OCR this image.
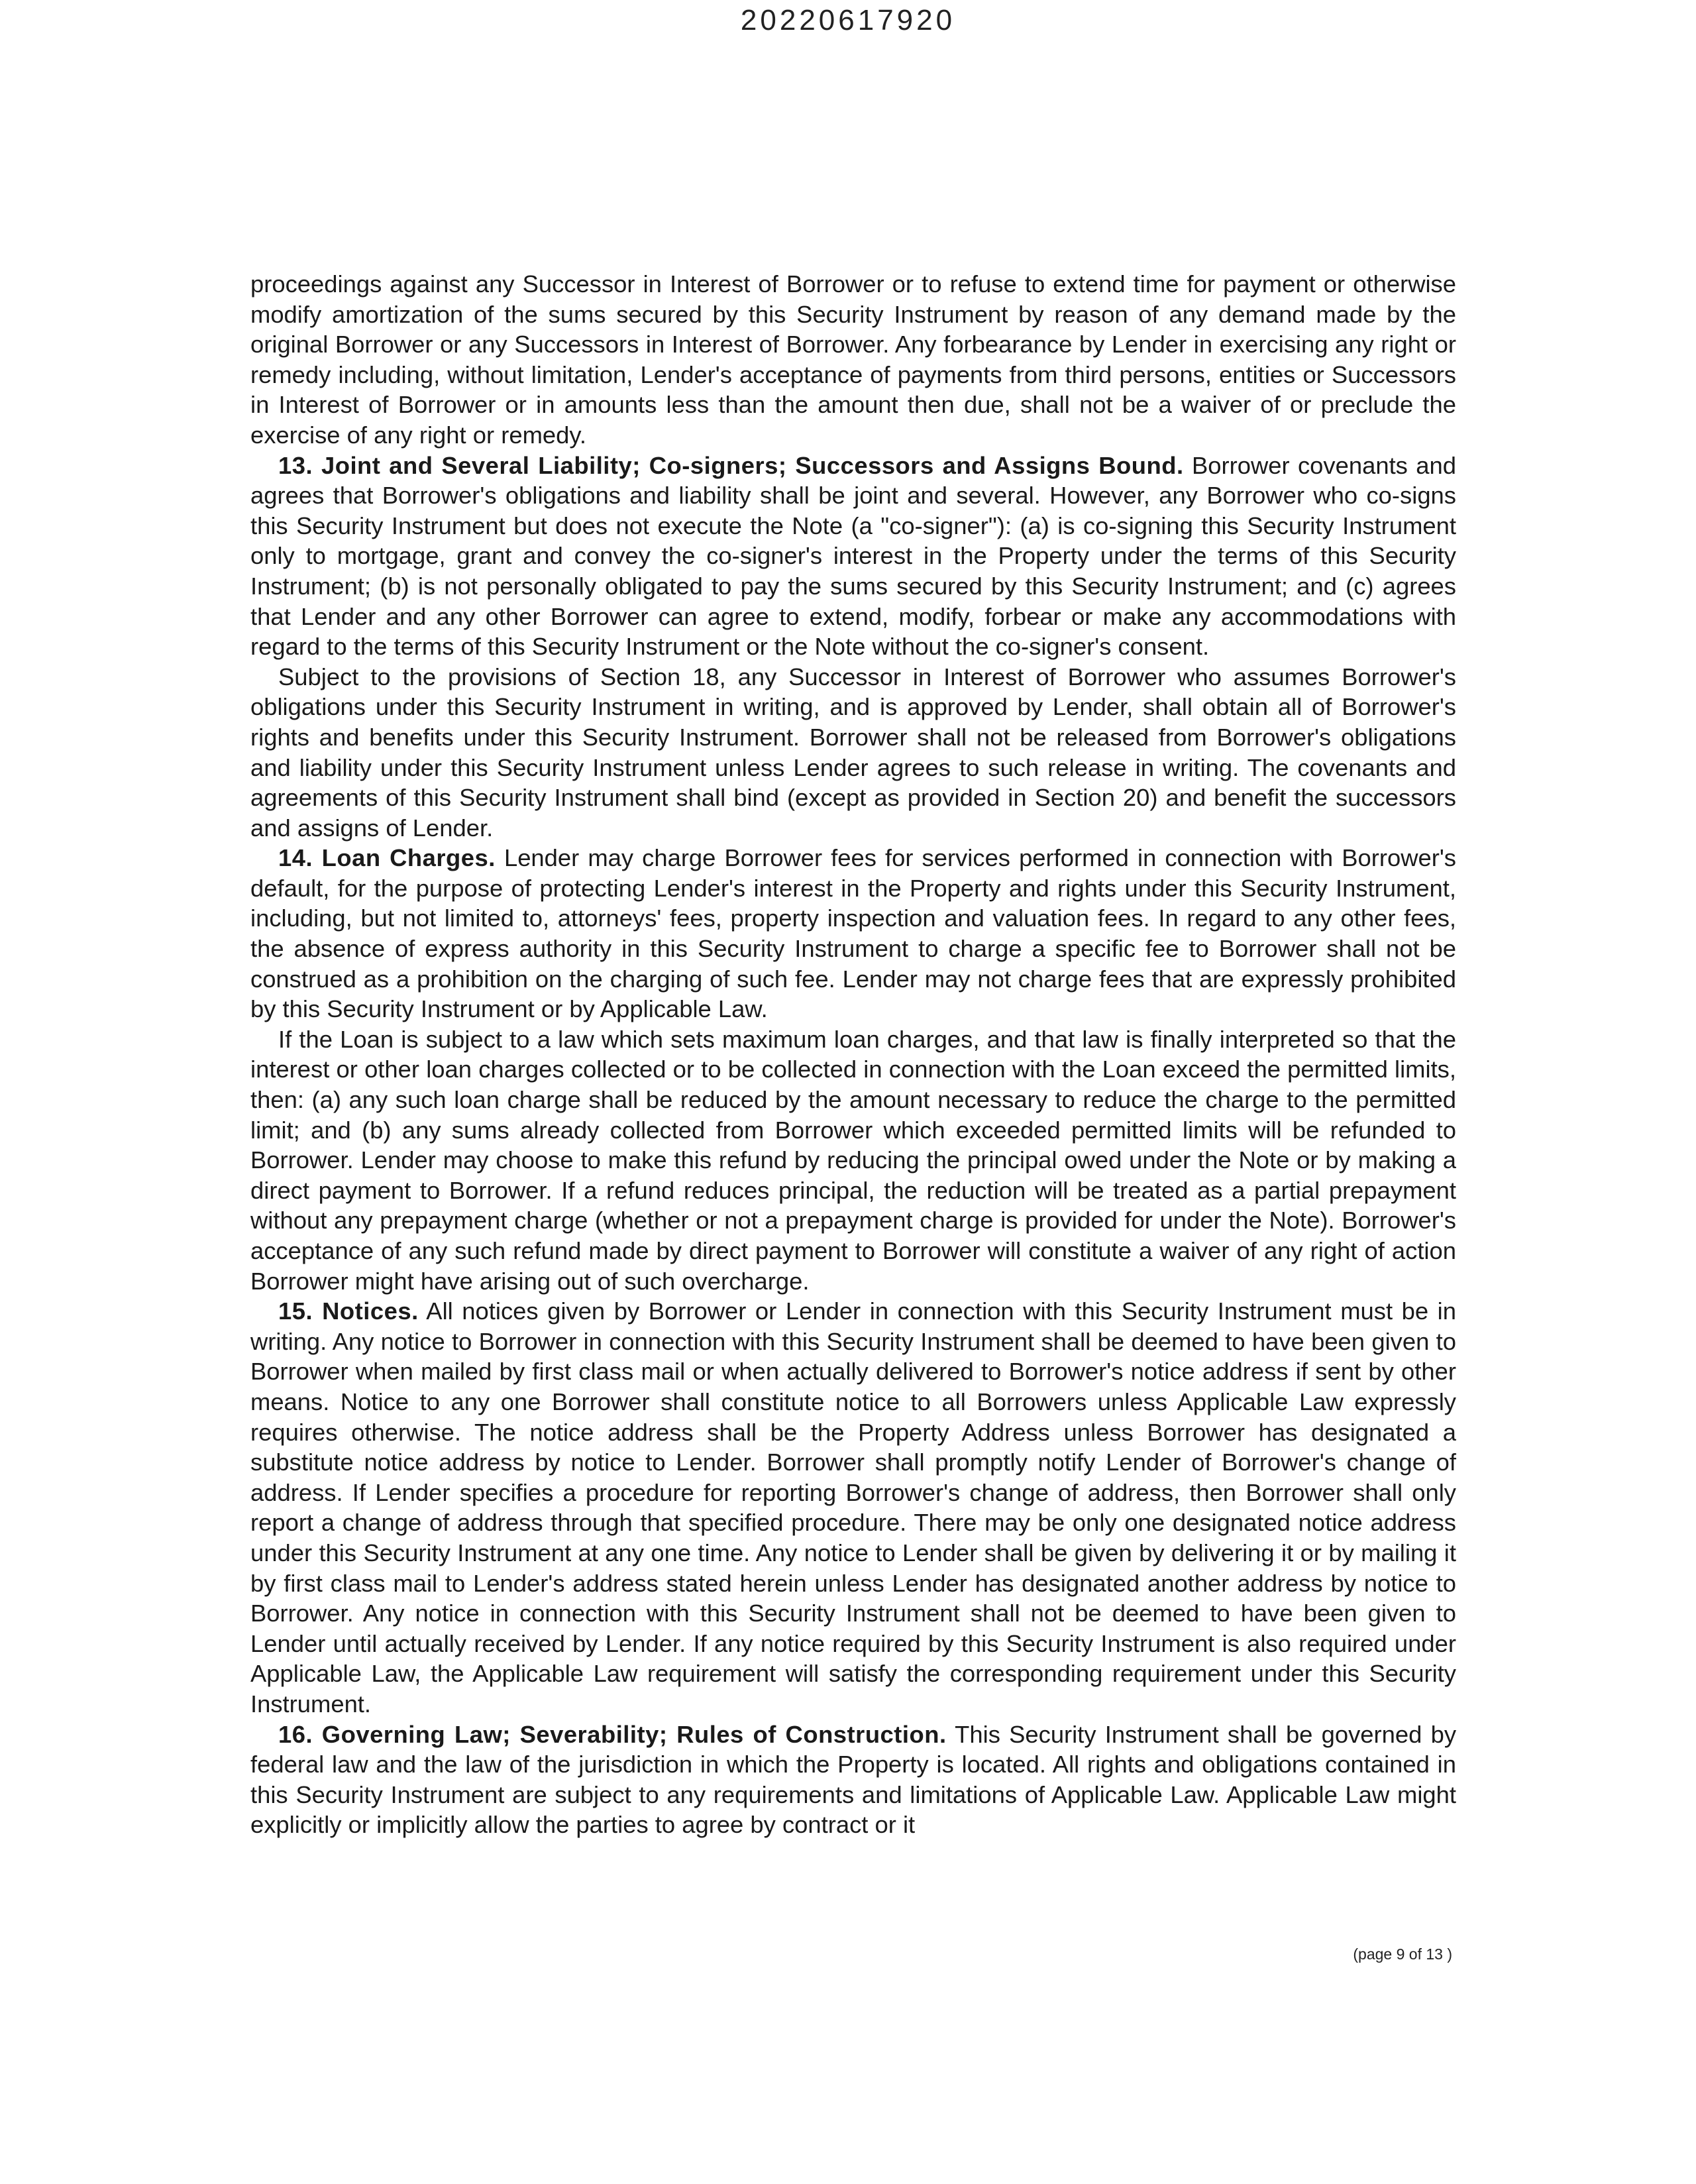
20220617920

proceedings against any Successor in Interest of Borrower or to refuse to extend time for payment or otherwise modify amortization of the sums secured by this Security Instrument by reason of any demand made by the original Borrower or any Successors in Interest of Borrower. Any forbearance by Lender in exercising any right or remedy including, without limitation, Lender's acceptance of payments from third persons, entities or Successors in Interest of Borrower or in amounts less than the amount then due, shall not be a waiver of or preclude the exercise of any right or remedy.

13. Joint and Several Liability; Co-signers; Successors and Assigns Bound. Borrower covenants and agrees that Borrower's obligations and liability shall be joint and several. However, any Borrower who co-signs this Security Instrument but does not execute the Note (a "co-signer"): (a) is co-signing this Security Instrument only to mortgage, grant and convey the co-signer's interest in the Property under the terms of this Security Instrument; (b) is not personally obligated to pay the sums secured by this Security Instrument; and (c) agrees that Lender and any other Borrower can agree to extend, modify, forbear or make any accommodations with regard to the terms of this Security Instrument or the Note without the co-signer's consent.

Subject to the provisions of Section 18, any Successor in Interest of Borrower who assumes Borrower's obligations under this Security Instrument in writing, and is approved by Lender, shall obtain all of Borrower's rights and benefits under this Security Instrument. Borrower shall not be released from Borrower's obligations and liability under this Security Instrument unless Lender agrees to such release in writing. The covenants and agreements of this Security Instrument shall bind (except as provided in Section 20) and benefit the successors and assigns of Lender.

14. Loan Charges. Lender may charge Borrower fees for services performed in connection with Borrower's default, for the purpose of protecting Lender's interest in the Property and rights under this Security Instrument, including, but not limited to, attorneys' fees, property inspection and valuation fees. In regard to any other fees, the absence of express authority in this Security Instrument to charge a specific fee to Borrower shall not be construed as a prohibition on the charging of such fee. Lender may not charge fees that are expressly prohibited by this Security Instrument or by Applicable Law.

If the Loan is subject to a law which sets maximum loan charges, and that law is finally interpreted so that the interest or other loan charges collected or to be collected in connection with the Loan exceed the permitted limits, then: (a) any such loan charge shall be reduced by the amount necessary to reduce the charge to the permitted limit; and (b) any sums already collected from Borrower which exceeded permitted limits will be refunded to Borrower. Lender may choose to make this refund by reducing the principal owed under the Note or by making a direct payment to Borrower. If a refund reduces principal, the reduction will be treated as a partial prepayment without any prepayment charge (whether or not a prepayment charge is provided for under the Note). Borrower's acceptance of any such refund made by direct payment to Borrower will constitute a waiver of any right of action Borrower might have arising out of such overcharge.

15. Notices. All notices given by Borrower or Lender in connection with this Security Instrument must be in writing. Any notice to Borrower in connection with this Security Instrument shall be deemed to have been given to Borrower when mailed by first class mail or when actually delivered to Borrower's notice address if sent by other means. Notice to any one Borrower shall constitute notice to all Borrowers unless Applicable Law expressly requires otherwise. The notice address shall be the Property Address unless Borrower has designated a substitute notice address by notice to Lender. Borrower shall promptly notify Lender of Borrower's change of address. If Lender specifies a procedure for reporting Borrower's change of address, then Borrower shall only report a change of address through that specified procedure. There may be only one designated notice address under this Security Instrument at any one time. Any notice to Lender shall be given by delivering it or by mailing it by first class mail to Lender's address stated herein unless Lender has designated another address by notice to Borrower. Any notice in connection with this Security Instrument shall not be deemed to have been given to Lender until actually received by Lender. If any notice required by this Security Instrument is also required under Applicable Law, the Applicable Law requirement will satisfy the corresponding requirement under this Security Instrument.

16. Governing Law; Severability; Rules of Construction. This Security Instrument shall be governed by federal law and the law of the jurisdiction in which the Property is located. All rights and obligations contained in this Security Instrument are subject to any requirements and limitations of Applicable Law. Applicable Law might explicitly or implicitly allow the parties to agree by contract or it

(page 9 of 13 )
